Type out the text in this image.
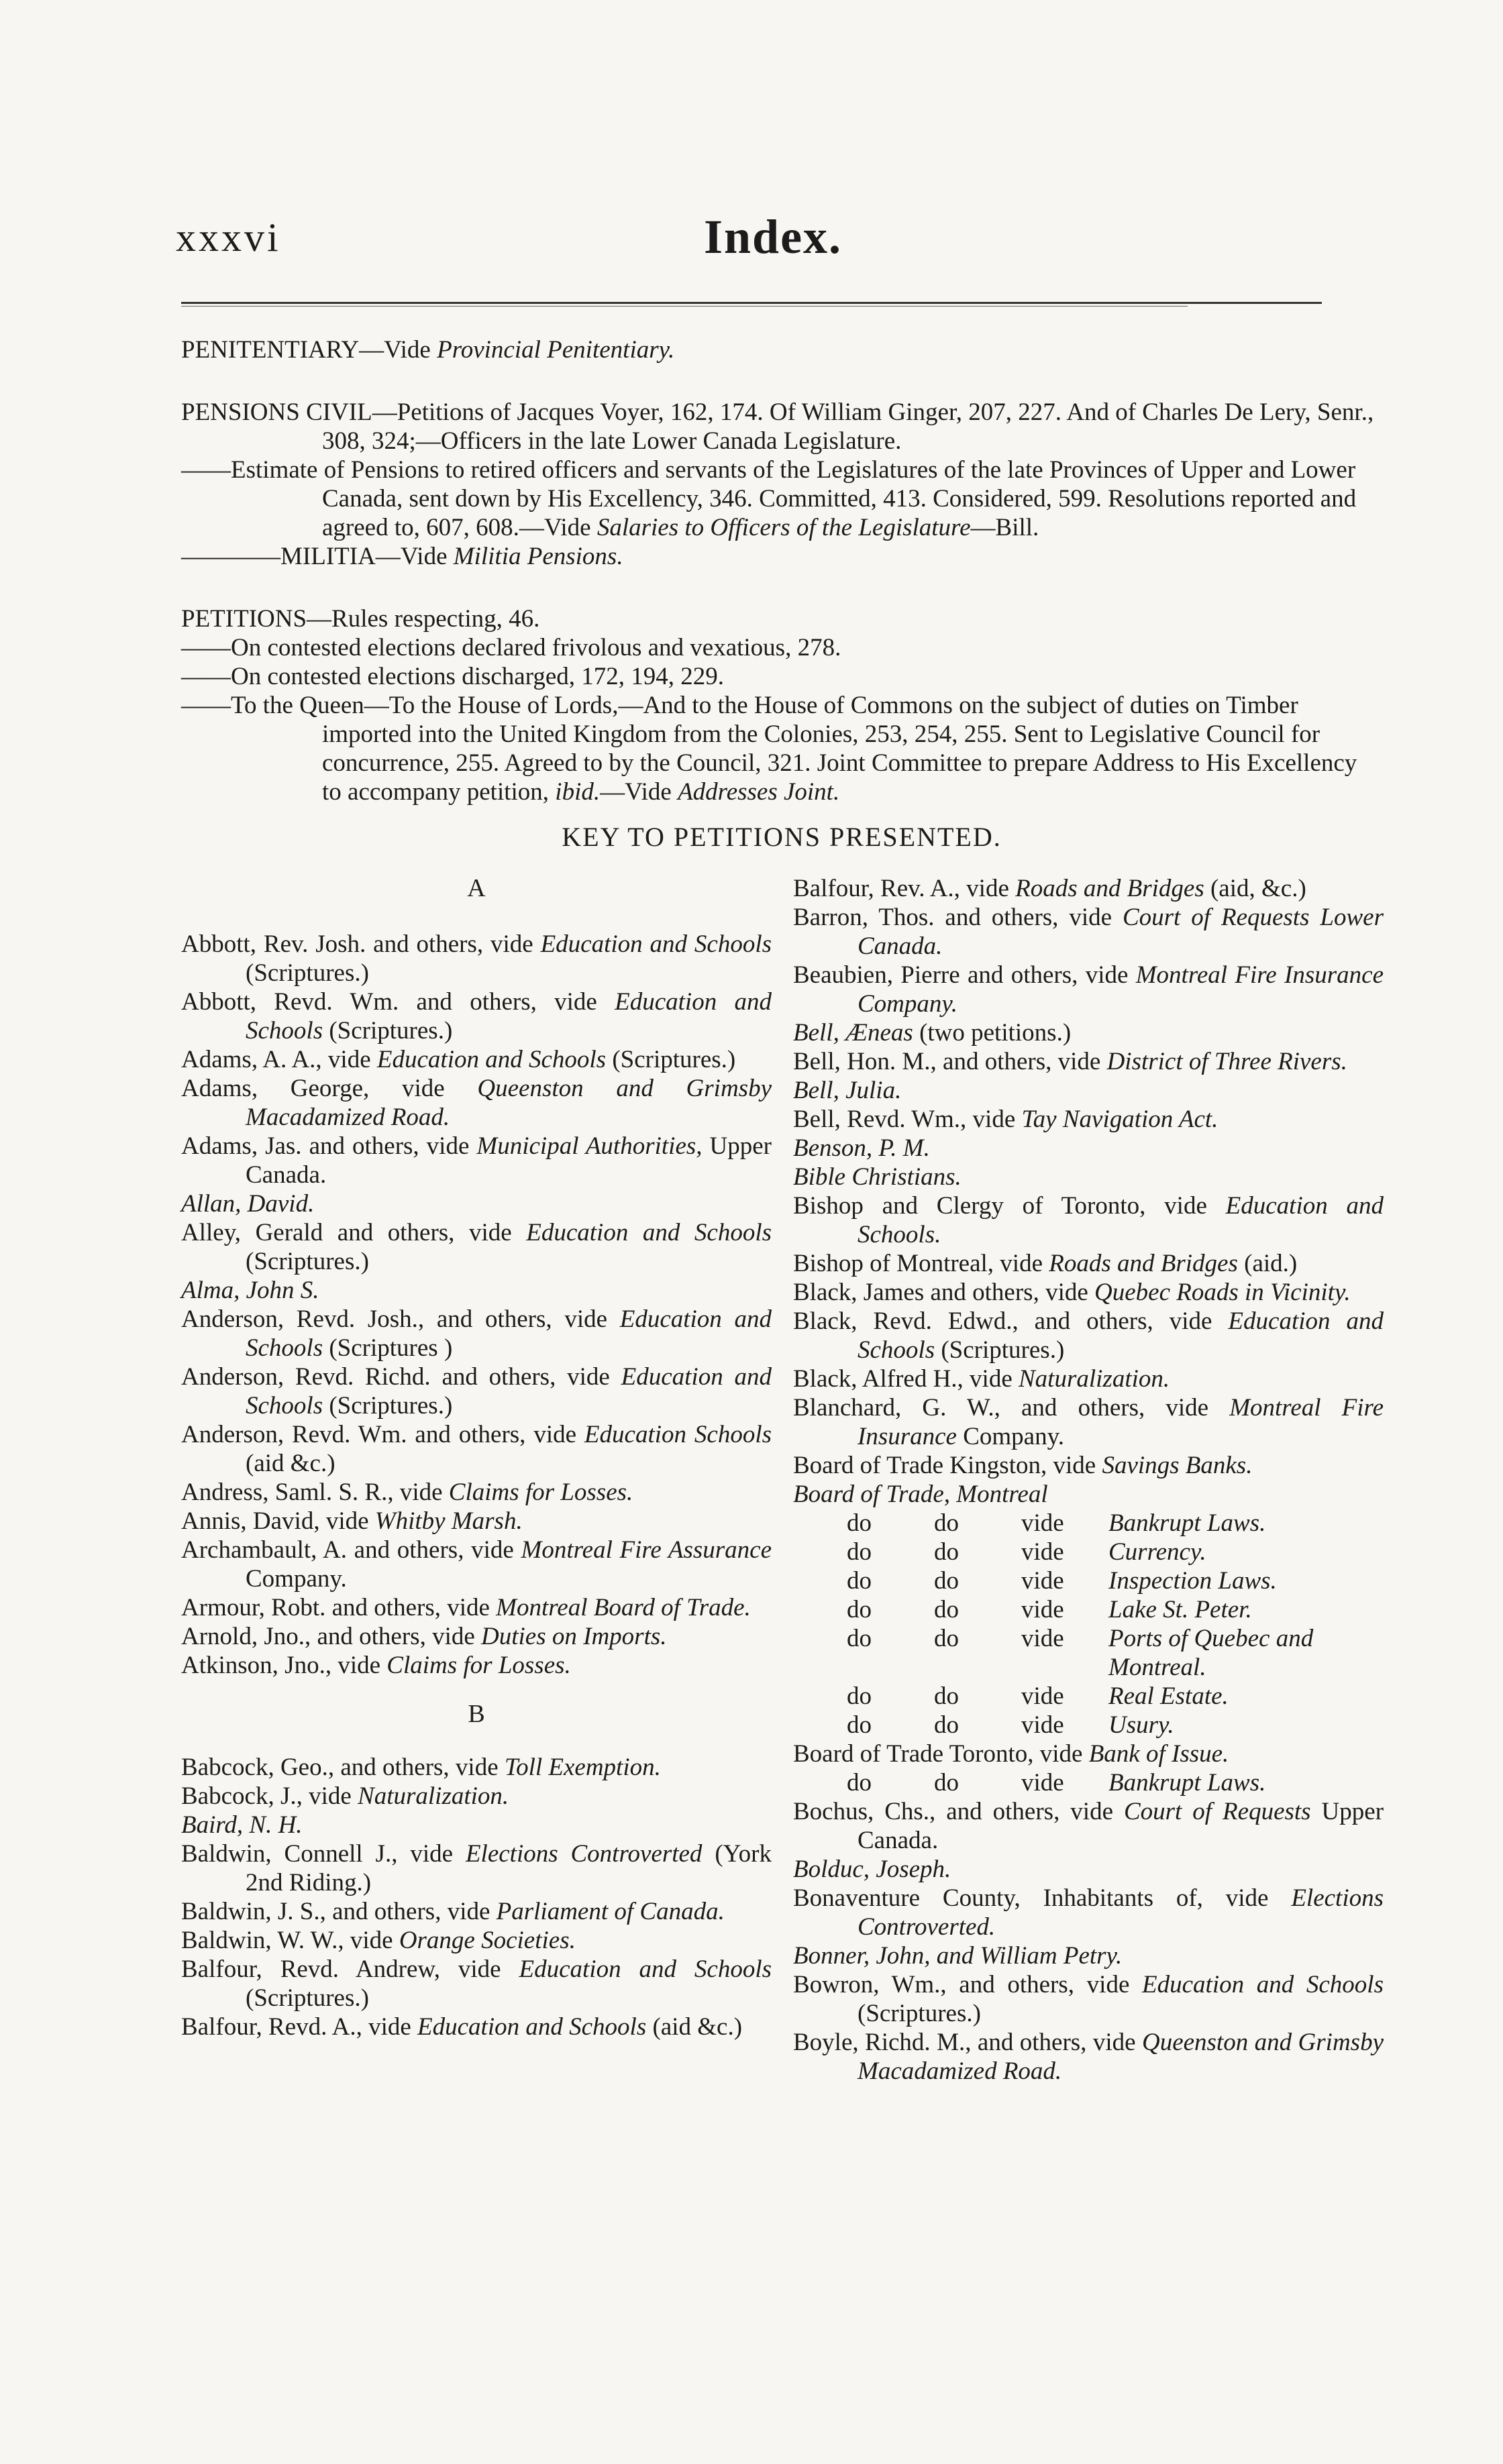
xxxvi	Index.

PENITENTIARY—Vide Provincial Penitentiary.

PENSIONS CIVIL—Petitions of Jacques Voyer, 162, 174. Of William Ginger, 207, 227. And of Charles De Lery, Senr., 308, 324;—Officers in the late Lower Canada Legislature.

——Estimate of Pensions to retired officers and servants of the Legislatures of the late Provinces of Upper and Lower Canada, sent down by His Excellency, 346. Committed, 413. Considered, 599. Resolutions reported and agreed to, 607, 608.—Vide Salaries to Officers of the Legislature—Bill.

————MILITIA—Vide Militia Pensions.

PETITIONS—Rules respecting, 46.

——On contested elections declared frivolous and vexatious, 278.

——On contested elections discharged, 172, 194, 229.

——To the Queen—To the House of Lords,—And to the House of Commons on the subject of duties on Timber imported into the United Kingdom from the Colonies, 253, 254, 255. Sent to Legislative Council for concurrence, 255. Agreed to by the Council, 321. Joint Committee to prepare Address to His Excellency to accompany petition, ibid.—Vide Addresses Joint.

KEY TO PETITIONS PRESENTED.
A

Abbott, Rev. Josh. and others, vide Education and Schools (Scriptures.)

Abbott, Revd. Wm. and others, vide Education and Schools (Scriptures.)

Adams, A. A., vide Education and Schools (Scriptures.)

Adams, George, vide Queenston and Grimsby Macadamized Road.

Adams, Jas. and others, vide Municipal Authorities, Upper Canada.

Allan, David.

Alley, Gerald and others, vide Education and Schools (Scriptures.)

Alma, John S.

Anderson, Revd. Josh., and others, vide Education and Schools (Scriptures )

Anderson, Revd. Richd. and others, vide Education and Schools (Scriptures.)

Anderson, Revd. Wm. and others, vide Education Schools (aid &c.)

Andress, Saml. S. R., vide Claims for Losses.

Annis, David, vide Whitby Marsh.

Archambault, A. and others, vide Montreal Fire Assurance Company.

Armour, Robt. and others, vide Montreal Board of Trade.

Arnold, Jno., and others, vide Duties on Imports.

Atkinson, Jno., vide Claims for Losses.

B

Babcock, Geo., and others, vide Toll Exemption.

Babcock, J., vide Naturalization.

Baird, N. H.

Baldwin, Connell J., vide Elections Controverted (York 2nd Riding.)

Baldwin, J. S., and others, vide Parliament of Canada.

Baldwin, W. W., vide Orange Societies.

Balfour, Revd. Andrew, vide Education and Schools (Scriptures.)

Balfour, Revd. A., vide Education and Schools (aid &c.)

Balfour, Rev. A., vide Roads and Bridges (aid, &c.)

Barron, Thos. and others, vide Court of Requests Lower Canada.

Beaubien, Pierre and others, vide Montreal Fire Insurance Company.

Bell, Æneas (two petitions.)

Bell, Hon. M., and others, vide District of Three Rivers.

Bell, Julia.

Bell, Revd. Wm., vide Tay Navigation Act.

Benson, P. M.

Bible Christians.

Bishop and Clergy of Toronto, vide Education and Schools.

Bishop of Montreal, vide Roads and Bridges (aid.)

Black, James and others, vide Quebec Roads in Vicinity.

Black, Revd. Edwd., and others, vide Education and Schools (Scriptures.)

Black, Alfred H., vide Naturalization.

Blanchard, G. W., and others, vide Montreal Fire Insurance Company.

Board of Trade Kingston, vide Savings Banks.

Board of Trade, Montreal

do	do	vide	Bankrupt Laws.
do	do	vide	Currency.
do	do	vide	Inspection Laws.
do	do	vide	Lake St. Peter.
do	do	vide	Ports of Quebec and Montreal.
do	do	vide	Real Estate.
do	do	vide	Usury.

Board of Trade Toronto, vide Bank of Issue.

do	do	vide	Bankrupt Laws.

Bochus, Chs., and others, vide Court of Requests Upper Canada.

Bolduc, Joseph.

Bonaventure County, Inhabitants of, vide Elections Controverted.

Bonner, John, and William Petry.

Bowron, Wm., and others, vide Education and Schools (Scriptures.)

Boyle, Richd. M., and others, vide Queenston and Grimsby Macadamized Road.
